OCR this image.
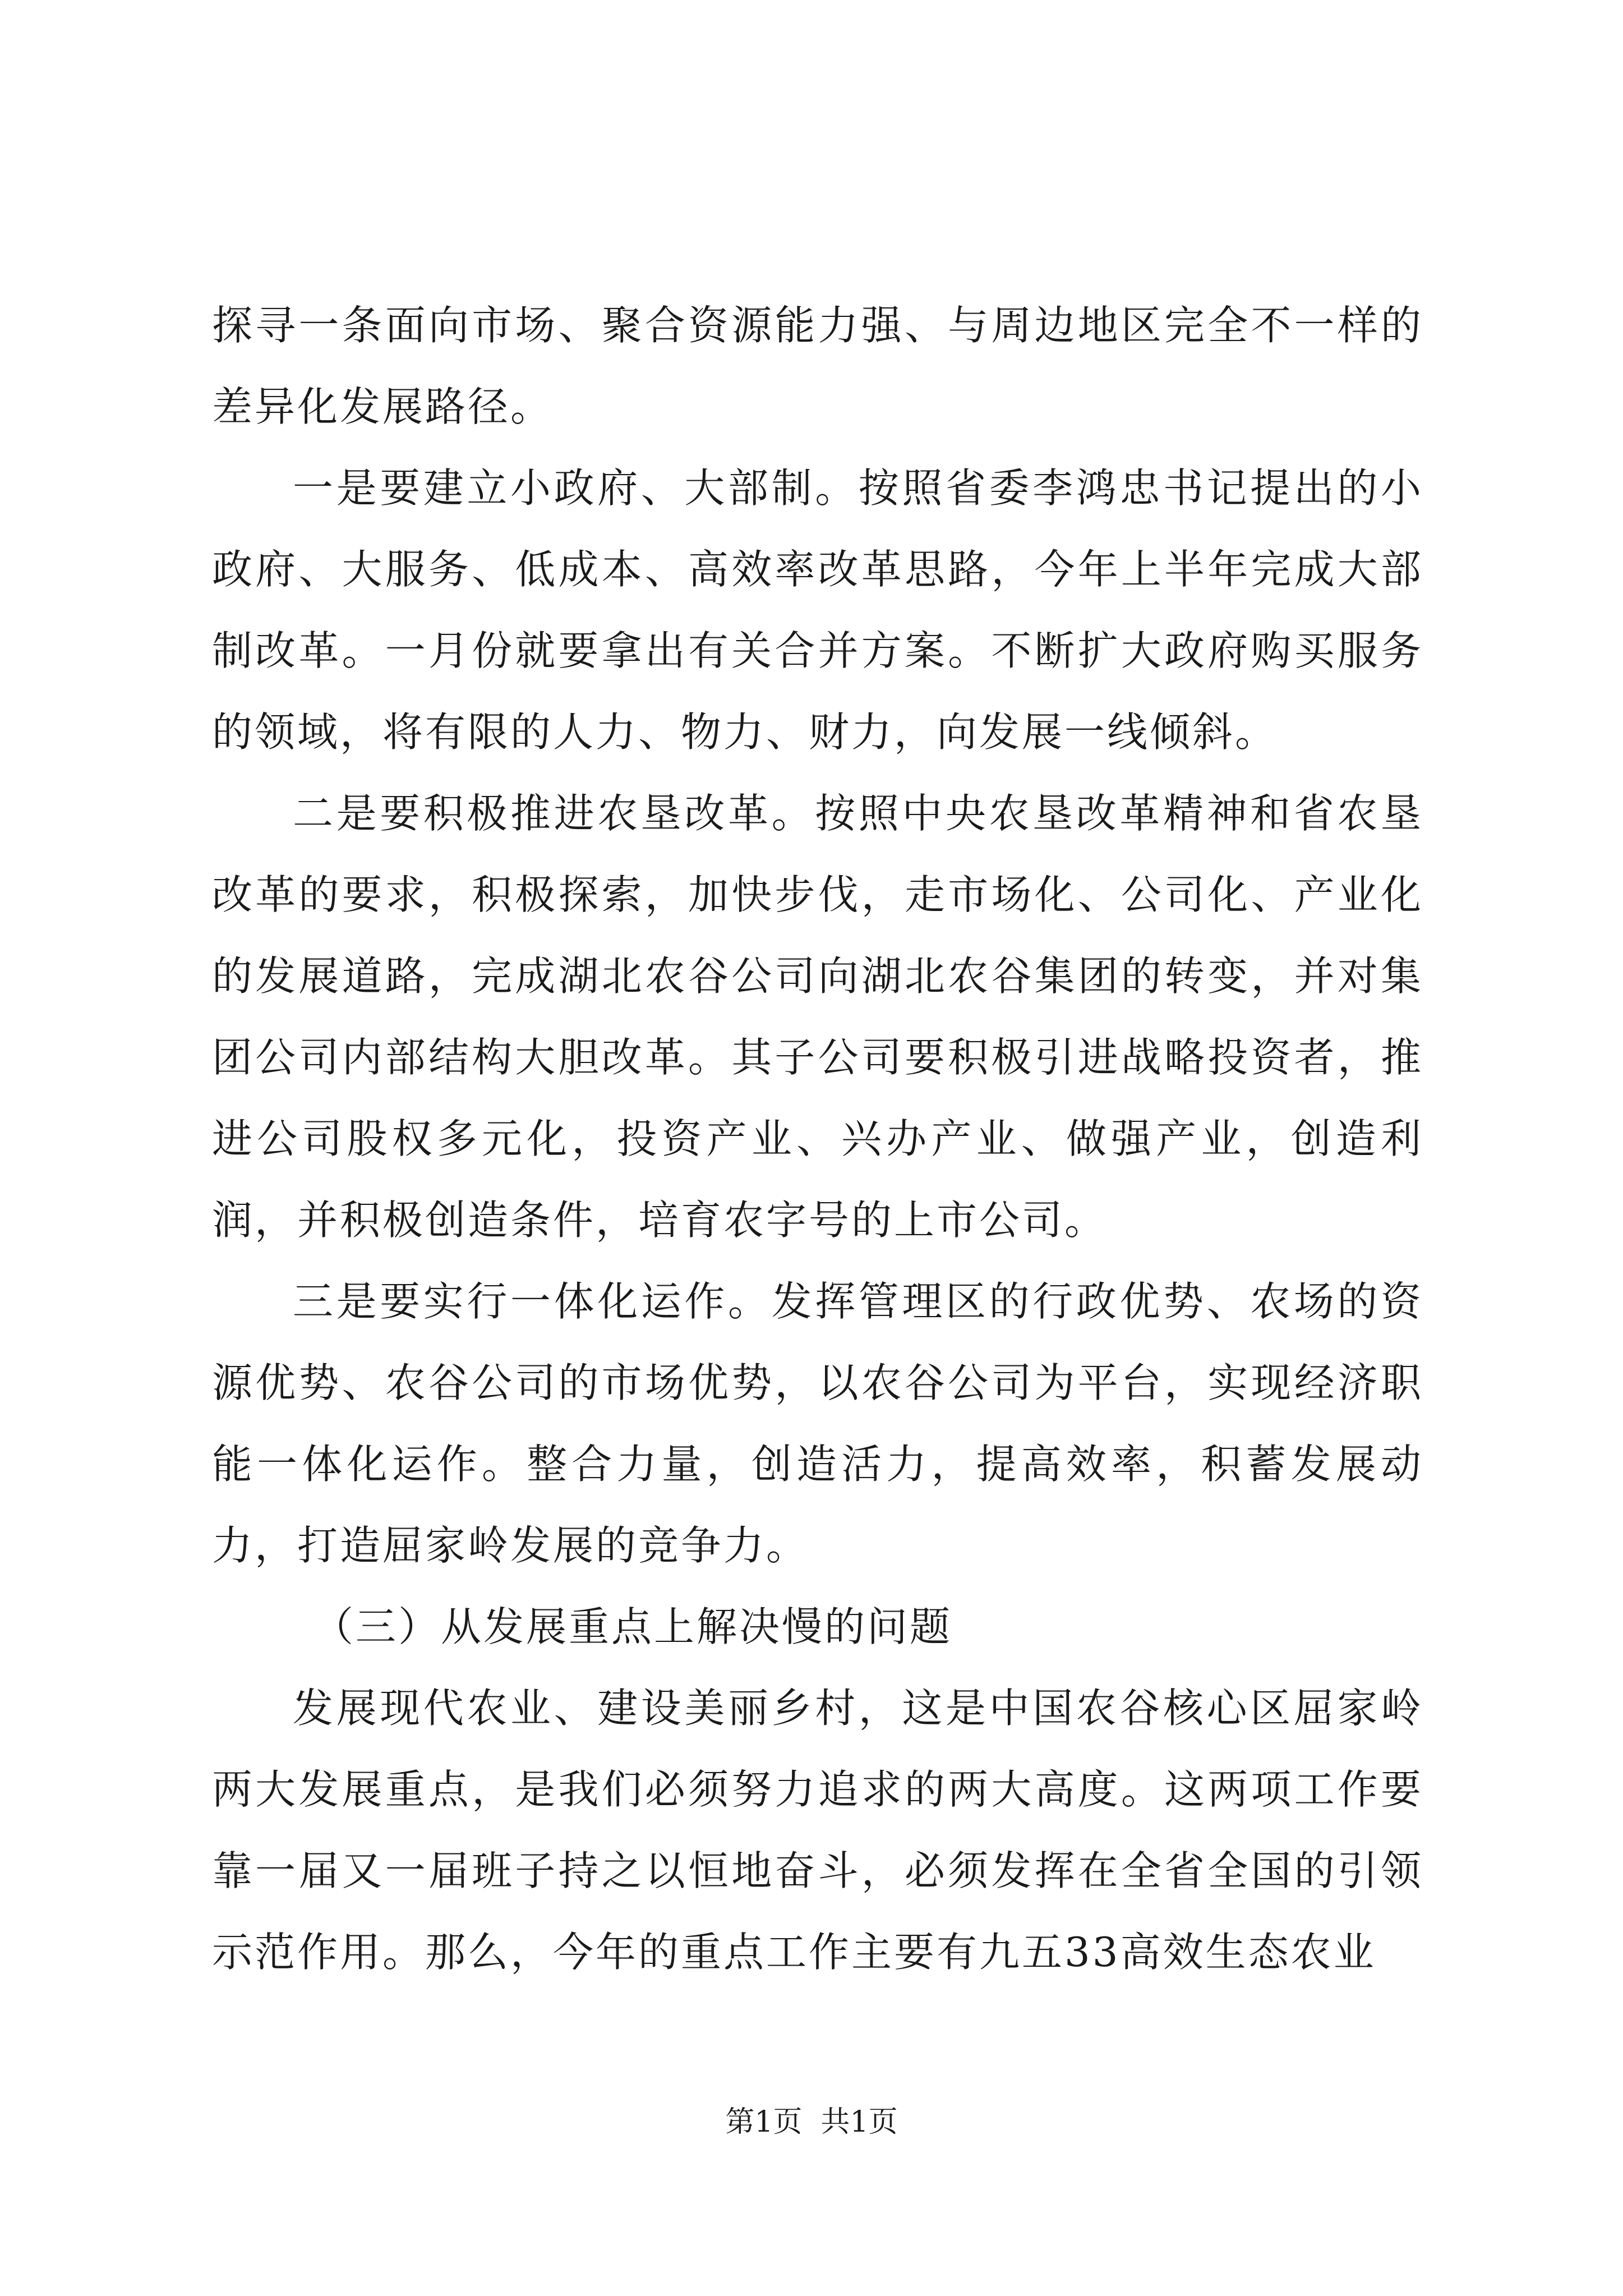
探寻一条面向市场、聚合资源能力强、与周边地区完全不一样的差异化发展路径。

一是要建立小政府、大部制。按照省委李鸿忠书记提出的小政府、大服务、低成本、高效率改革思路，今年上半年完成大部制改革。一月份就要拿出有关合并方案。不断扩大政府购买服务的领域，将有限的人力、物力、财力，向发展一线倾斜。

二是要积极推进农垦改革。按照中央农垦改革精神和省农垦改革的要求，积极探索，加快步伐，走市场化、公司化、产业化的发展道路，完成湖北农谷公司向湖北农谷集团的转变，并对集团公司内部结构大胆改革。其子公司要积极引进战略投资者，推进公司股权多元化，投资产业、兴办产业、做强产业，创造利润，并积极创造条件，培育农字号的上市公司。

三是要实行一体化运作。发挥管理区的行政优势、农场的资源优势、农谷公司的市场优势，以农谷公司为平台，实现经济职能一体化运作。整合力量，创造活力，提高效率，积蓄发展动力，打造屈家岭发展的竞争力。

（三）从发展重点上解决慢的问题

发展现代农业、建设美丽乡村，这是中国农谷核心区屈家岭两大发展重点，是我们必须努力追求的两大高度。这两项工作要靠一届又一届班子持之以恒地奋斗，必须发挥在全省全国的引领示范作用。那么，今年的重点工作主要有九五33高效生态农业

第1页  共1页
